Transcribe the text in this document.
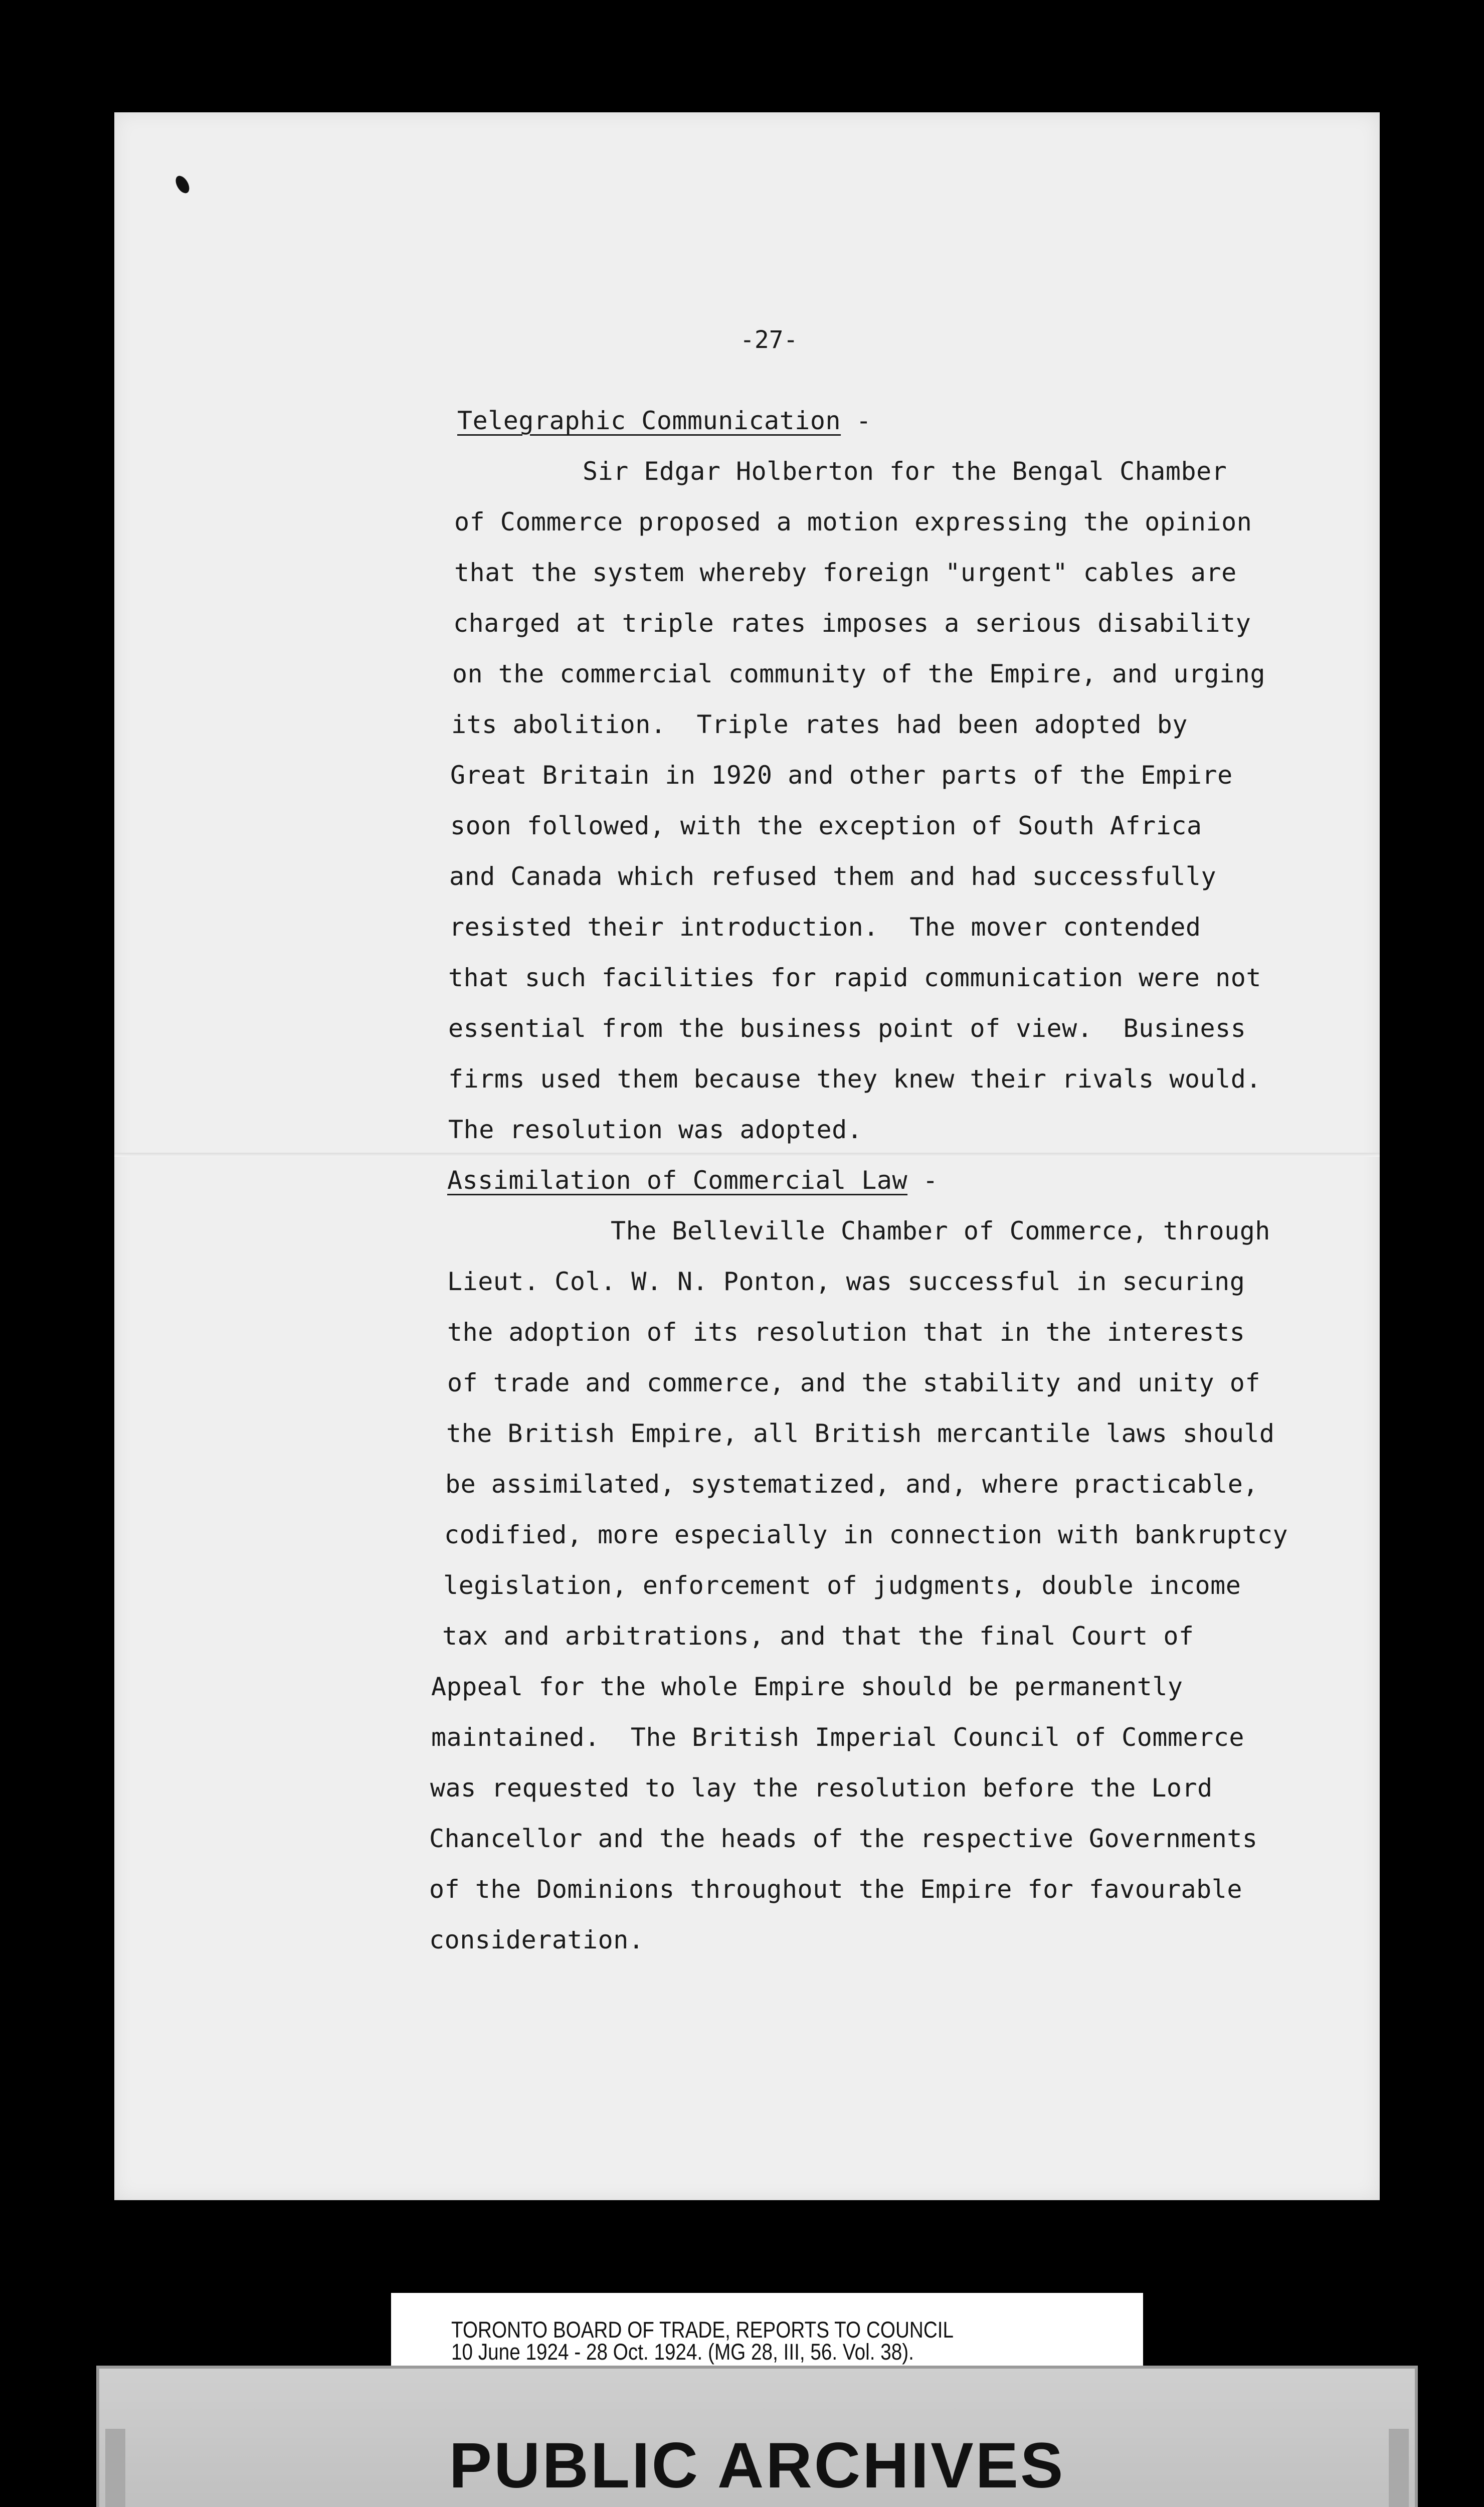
-27-
Telegraphic Communication -
Sir Edgar Holberton for the Bengal Chamber
of Commerce proposed a motion expressing the opinion
that the system whereby foreign "urgent" cables are
charged at triple rates imposes a serious disability
on the commercial community of the Empire, and urging
its abolition.  Triple rates had been adopted by
Great Britain in 1920 and other parts of the Empire
soon followed, with the exception of South Africa
and Canada which refused them and had successfully
resisted their introduction.  The mover contended
that such facilities for rapid communication were not
essential from the business point of view.  Business
firms used them because they knew their rivals would.
The resolution was adopted.
Assimilation of Commercial Law -
The Belleville Chamber of Commerce, through
Lieut. Col. W. N. Ponton, was successful in securing
the adoption of its resolution that in the interests
of trade and commerce, and the stability and unity of
the British Empire, all British mercantile laws should
be assimilated, systematized, and, where practicable,
codified, more especially in connection with bankruptcy
legislation, enforcement of judgments, double income
tax and arbitrations, and that the final Court of
Appeal for the whole Empire should be permanently
maintained.  The British Imperial Council of Commerce
was requested to lay the resolution before the Lord
Chancellor and the heads of the respective Governments
of the Dominions throughout the Empire for favourable
consideration.
TORONTO BOARD OF TRADE, REPORTS TO COUNCIL
10 June 1924 - 28 Oct. 1924. (MG 28, III, 56. Vol. 38).
PUBLIC ARCHIVES
